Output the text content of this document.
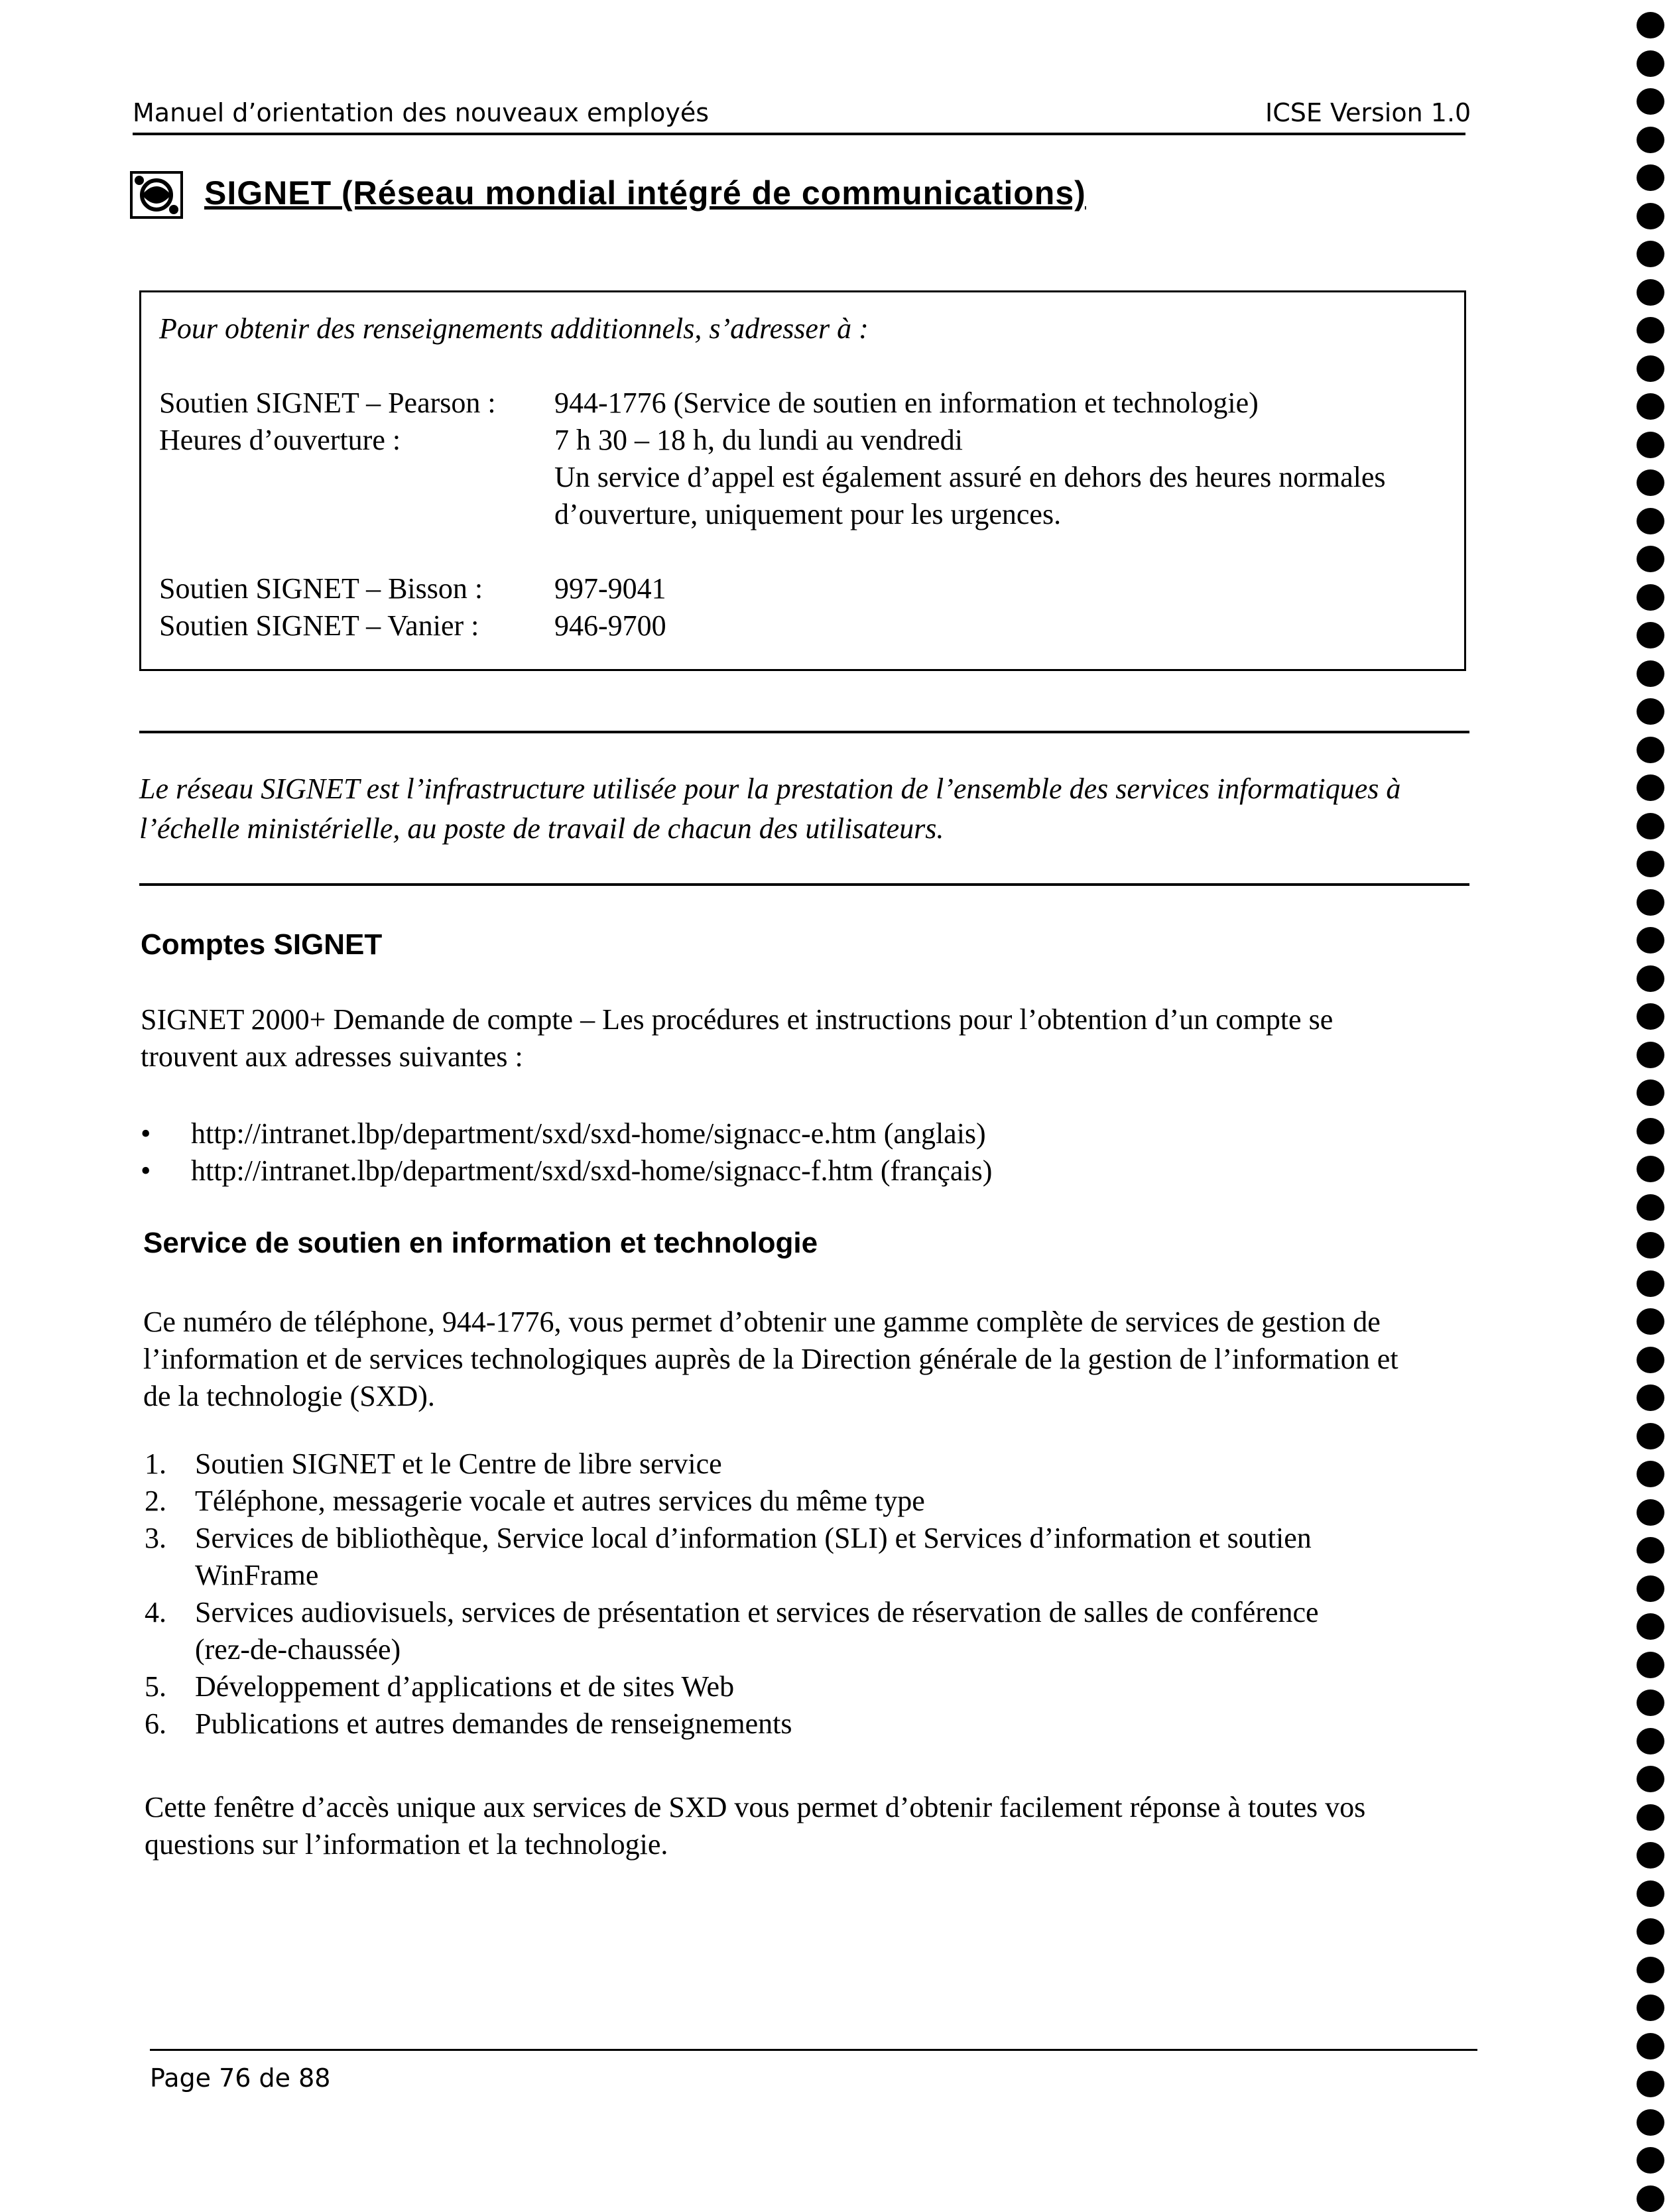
Manuel d’orientation des nouveaux employés	ICSE Version 1.0
SIGNET (Réseau mondial intégré de communications)
Pour obtenir des renseignements additionnels, s’adresser à :
Soutien SIGNET – Pearson : 944-1776 (Service de soutien en information et technologie)
Heures d’ouverture :	7 h 30 – 18 h, du lundi au vendredi
Un service d’appel est également assuré en dehors des heures normales
d’ouverture, uniquement pour les urgences.
Soutien SIGNET – Bisson : 997-9041
Soutien SIGNET – Vanier :	946-9700
Le réseau SIGNET est l’infrastructure utilisée pour la prestation de l’ensemble des services informatiques à
l’échelle ministérielle, au poste de travail de chacun des utilisateurs.
Comptes SIGNET
SIGNET 2000+ Demande de compte – Les procédures et instructions pour l’obtention d’un compte se
trouvent aux adresses suivantes :
• http://intranet.lbp/department/sxd/sxd-home/signacc-e.htm (anglais)
• http://intranet.lbp/department/sxd/sxd-home/signacc-f.htm (français)
Service de soutien en information et technologie
Ce numéro de téléphone, 944-1776, vous permet d’obtenir une gamme complète de services de gestion de
l’information et de services technologiques auprès de la Direction générale de la gestion de l’information et
de la technologie (SXD).
1. Soutien SIGNET et le Centre de libre service
2. Téléphone, messagerie vocale et autres services du même type
3. Services de bibliothèque, Service local d’information (SLI) et Services d’information et soutien
WinFrame
4. Services audiovisuels, services de présentation et services de réservation de salles de conférence
(rez-de-chaussée)
5. Développement d’applications et de sites Web
6. Publications et autres demandes de renseignements
Cette fenêtre d’accès unique aux services de SXD vous permet d’obtenir facilement réponse à toutes vos
questions sur l’information et la technologie.
Page 76 de 88
